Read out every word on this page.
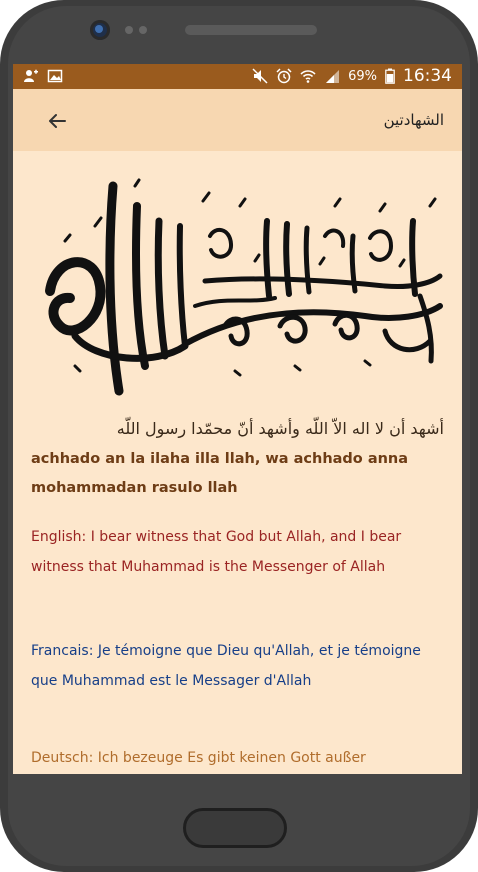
69% 16:34
الشهادتين
أشهد أن لا اله الاّ اللّه وأشهد أنّ محمّدا رسول اللّه
achhado an la ilaha illa llah, wa achhado anna mohammadan rasulo llah
English: I bear witness that God but Allah, and I bear witness that Muhammad is the Messenger of Allah
Francais: Je témoigne que Dieu qu'Allah, et je témoigne que Muhammad est le Messager d'Allah
Deutsch: Ich bezeuge Es gibt keinen Gott außer
